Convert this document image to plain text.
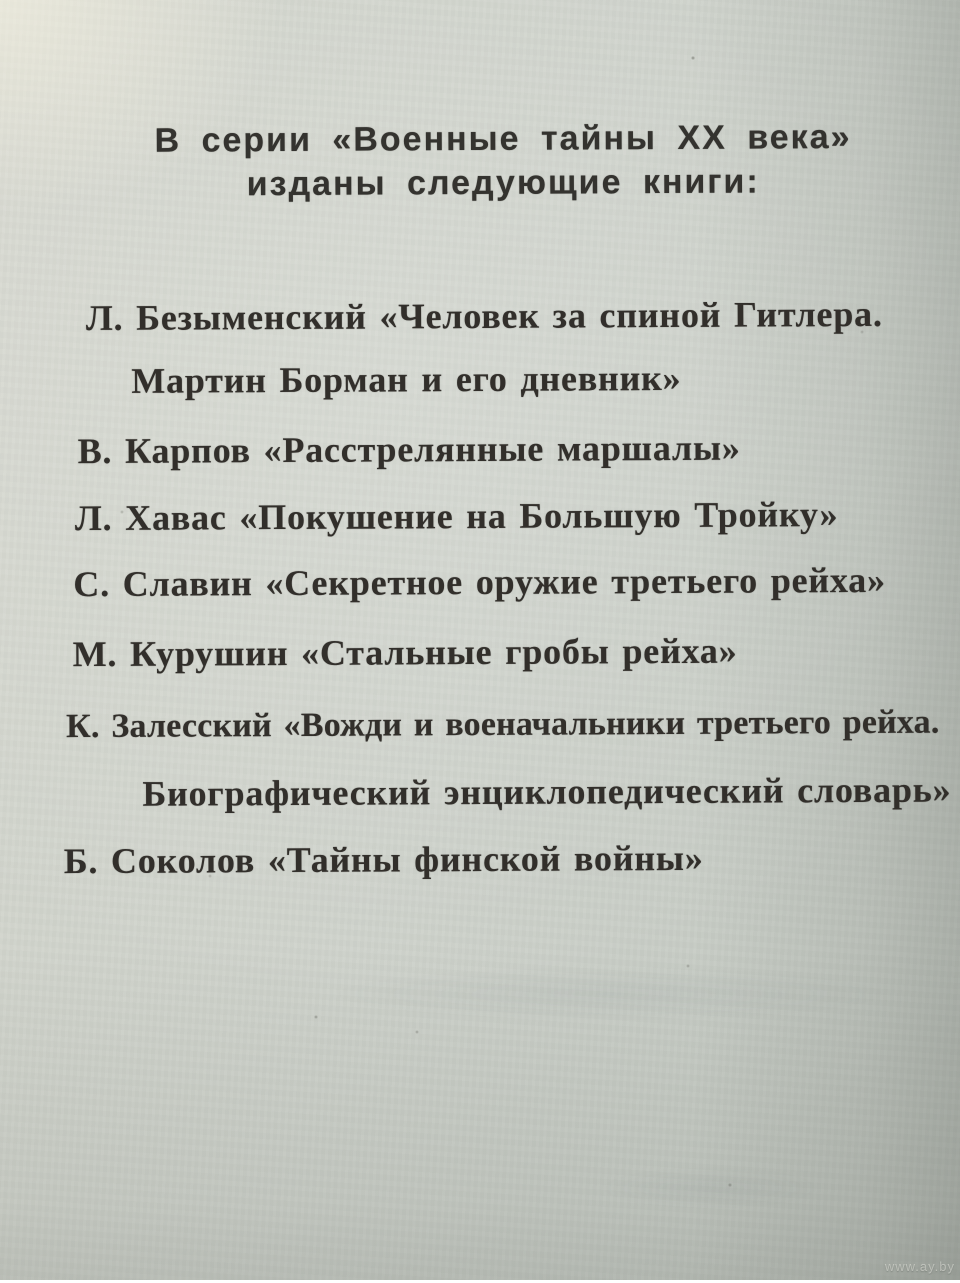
В серии «Военные тайны XX века»
изданы следующие книги:
Л. Безыменский «Человек за спиной Гитлера.
Мартин Борман и его дневник»
В. Карпов «Расстрелянные маршалы»
Л. Хавас «Покушение на Большую Тройку»
С. Славин «Секретное оружие третьего рейха»
М. Курушин «Стальные гробы рейха»
К. Залесский «Вожди и военачальники третьего рейха.
Биографический энциклопедический словарь»
Б. Соколов «Тайны финской войны»
www.ay.by
